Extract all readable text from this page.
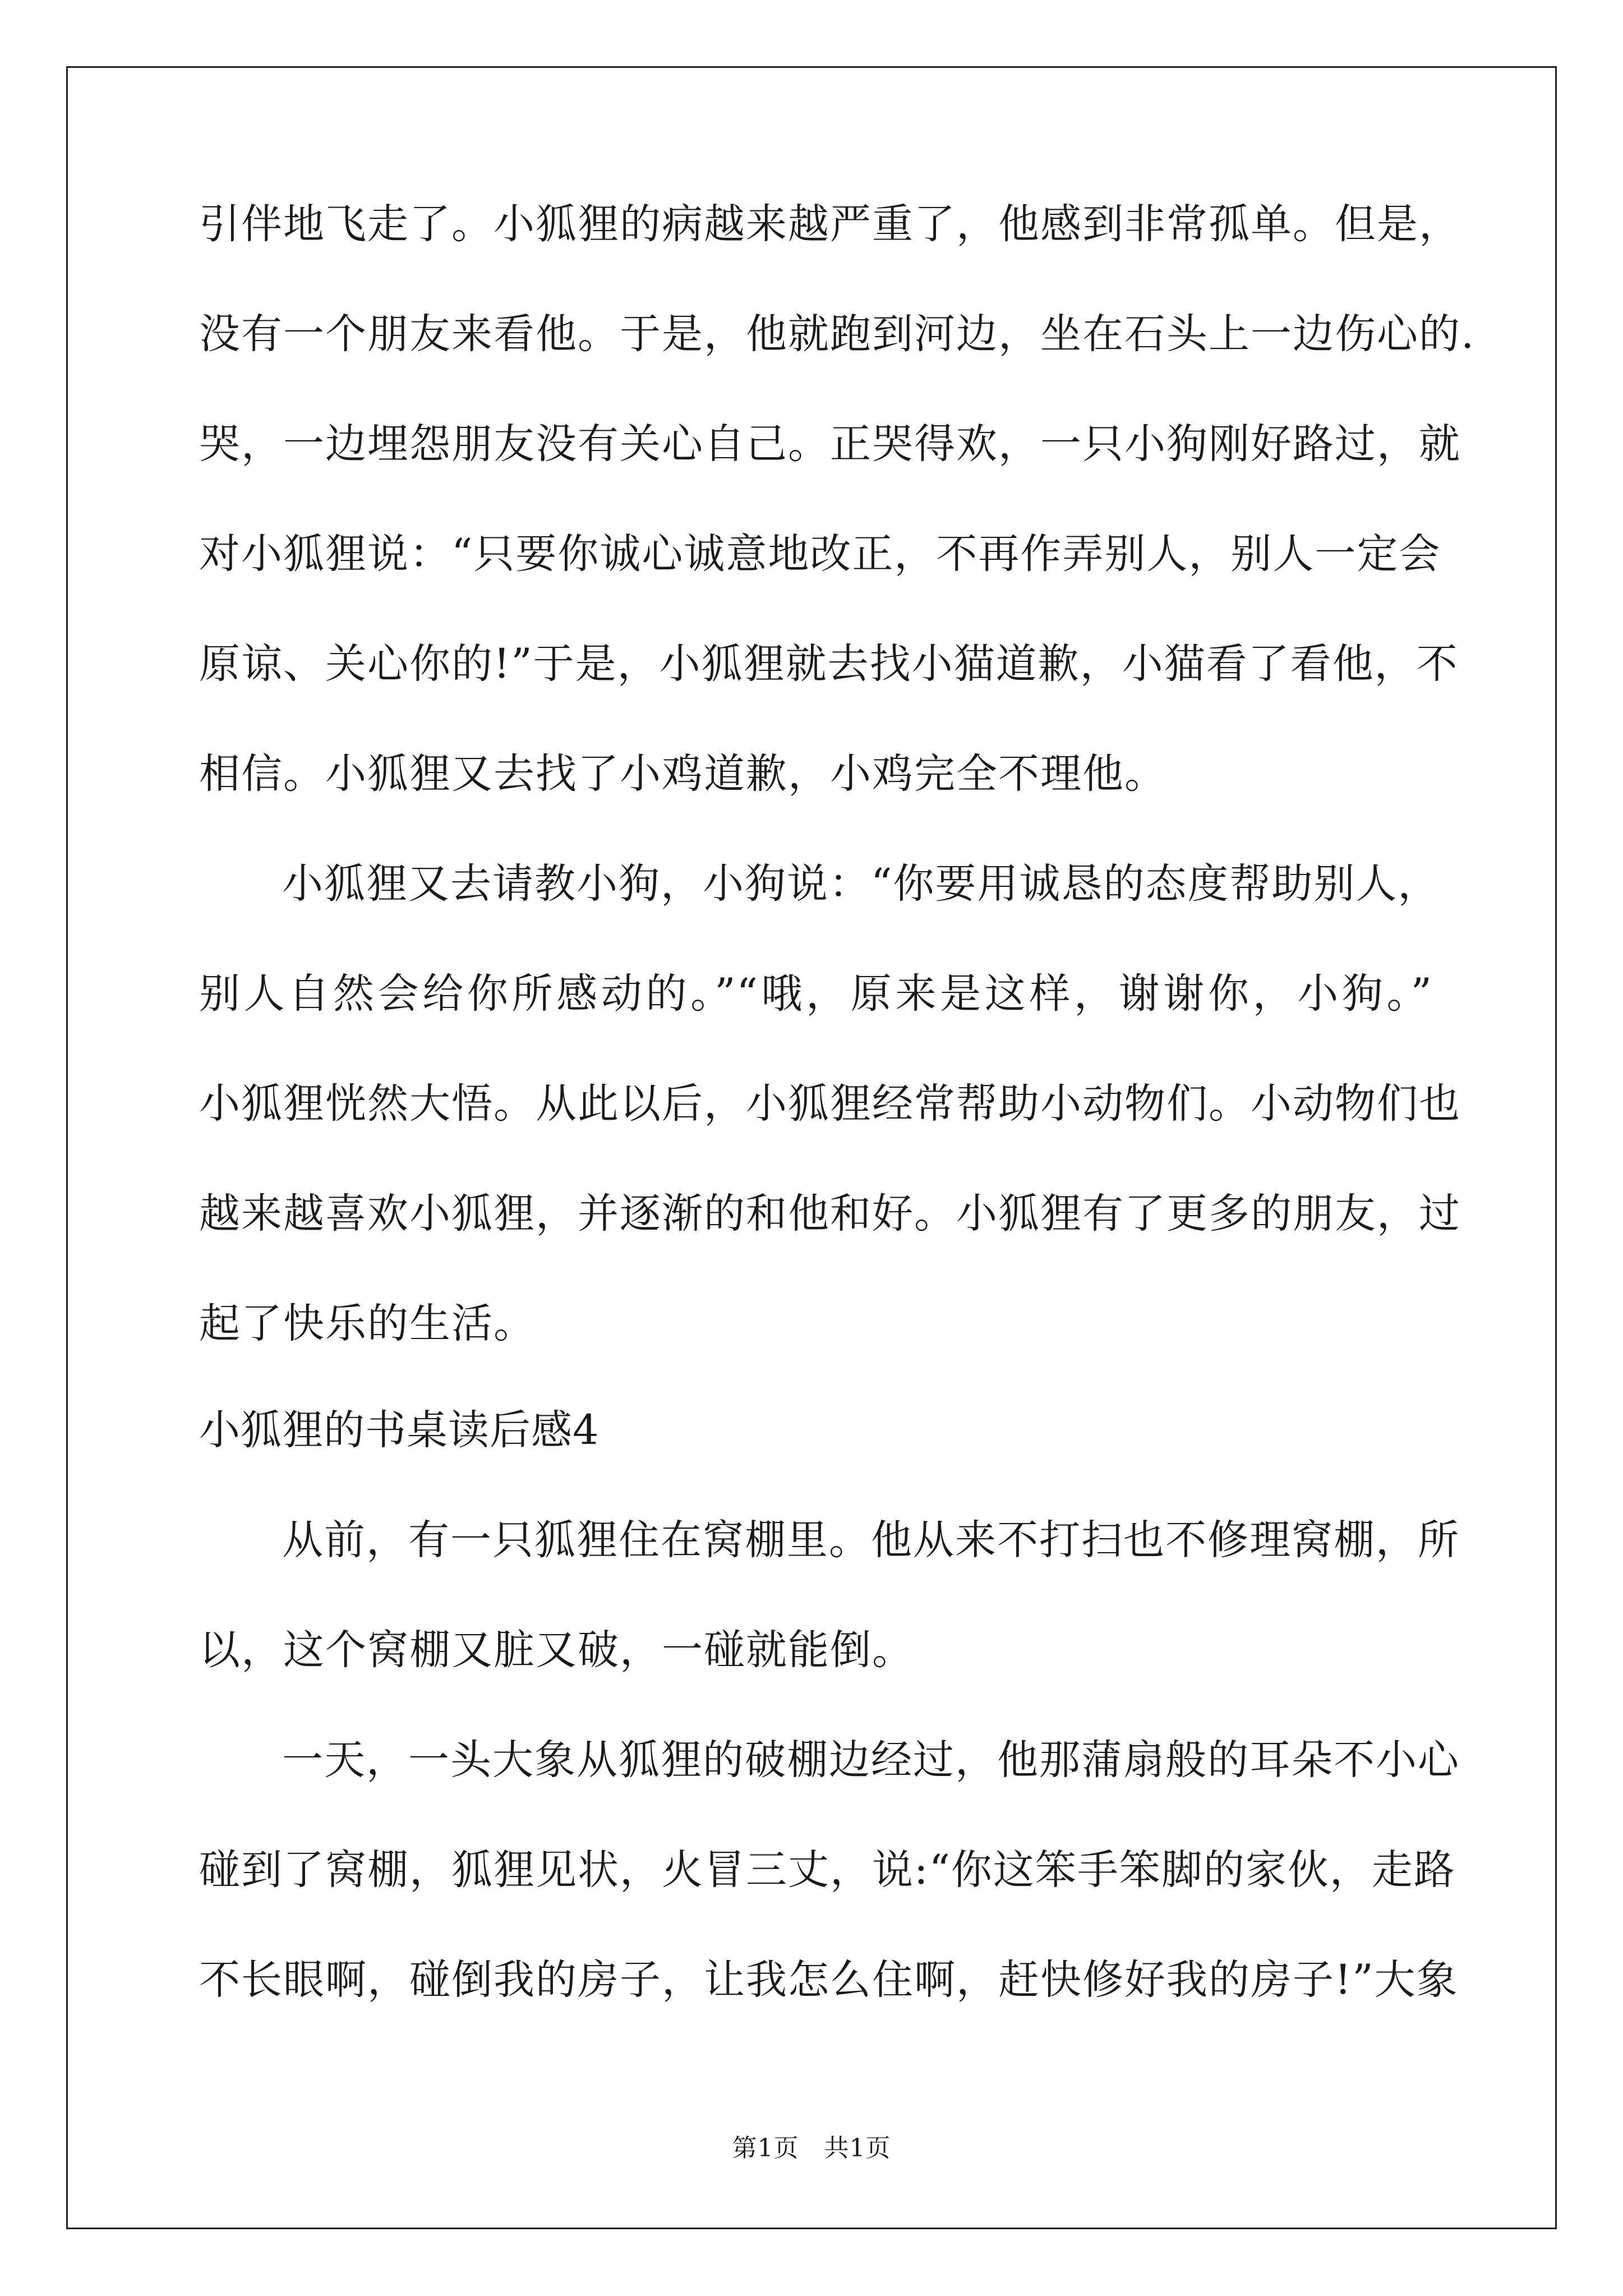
引伴地飞走了。小狐狸的病越来越严重了，他感到非常孤单。但是，
没有一个朋友来看他。于是，他就跑到河边，坐在石头上一边伤心的.
哭，一边埋怨朋友没有关心自己。正哭得欢，一只小狗刚好路过，就
对小狐狸说：“只要你诚心诚意地改正，不再作弄别人，别人一定会
原谅、关心你的!”于是，小狐狸就去找小猫道歉，小猫看了看他，不
相信。小狐狸又去找了小鸡道歉，小鸡完全不理他。
小狐狸又去请教小狗，小狗说：“你要用诚恳的态度帮助别人，
别人自然会给你所感动的。”“哦，原来是这样，谢谢你，小狗。”
小狐狸恍然大悟。从此以后，小狐狸经常帮助小动物们。小动物们也
越来越喜欢小狐狸，并逐渐的和他和好。小狐狸有了更多的朋友，过
起了快乐的生活。
小狐狸的书桌读后感4
从前，有一只狐狸住在窝棚里。他从来不打扫也不修理窝棚，所
以，这个窝棚又脏又破，一碰就能倒。
一天，一头大象从狐狸的破棚边经过，他那蒲扇般的耳朵不小心
碰到了窝棚，狐狸见状，火冒三丈，说:“你这笨手笨脚的家伙，走路
不长眼啊，碰倒我的房子，让我怎么住啊，赶快修好我的房子!”大象
第1页　共1页
